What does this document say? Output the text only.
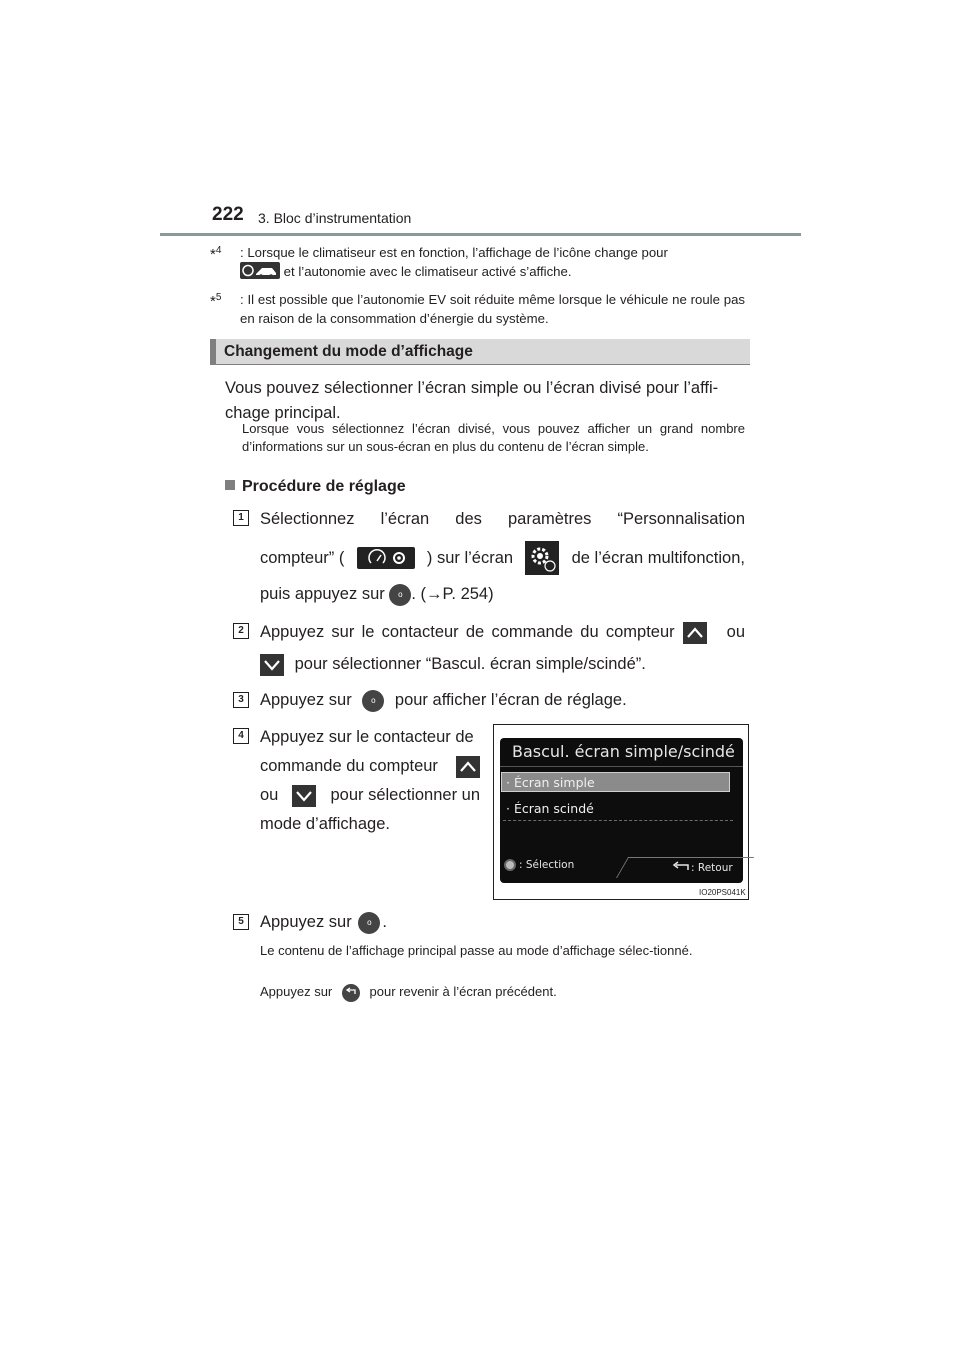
222 3. Bloc d’instrumentation
*$^4$ : Lorsque le climatiseur est en fonction, l’affichage de l’icône change pour
et l’autonomie avec le climatiseur activé s’affiche.
*$^5$ : Il est possible que l’autonomie EV soit réduite même lorsque le véhicule ne roule pas en raison de la consommation d’énergie du système.
Changement du mode d’affichage
Vous pouvez sélectionner l’écran simple ou l’écran divisé pour l’affi-
chage principal.
Lorsque vous sélectionnez l’écran divisé, vous pouvez afficher un grand nombre d’informations sur un sous-écran en plus du contenu de l’écran simple.
Procédure de réglage
1 Sélectionnez l’écran des paramètres “Personnalisation
compteur” (	) sur l’écran	de l’écran multifonction,
puis appuyez sur o . (→P. 254)
2 Appuyez sur le contacteur de commande du compteur	ou
pour sélectionner “Bascul. écran simple/scindé”.
3 Appuyez sur o pour afficher l’écran de réglage.
4 Appuyez sur le contacteur de
commande du compteur
ou	pour sélectionner un
mode d’affichage.
Bascul. écran simple/scindé
· Écran simple
· Écran scindé
: Sélection	: Retour
IO20PS041K
5 Appuyez sur o .
Le contenu de l’affichage principal passe au mode d’affichage sélec-tionné.
Appuyez sur	pour revenir à l’écran précédent.
